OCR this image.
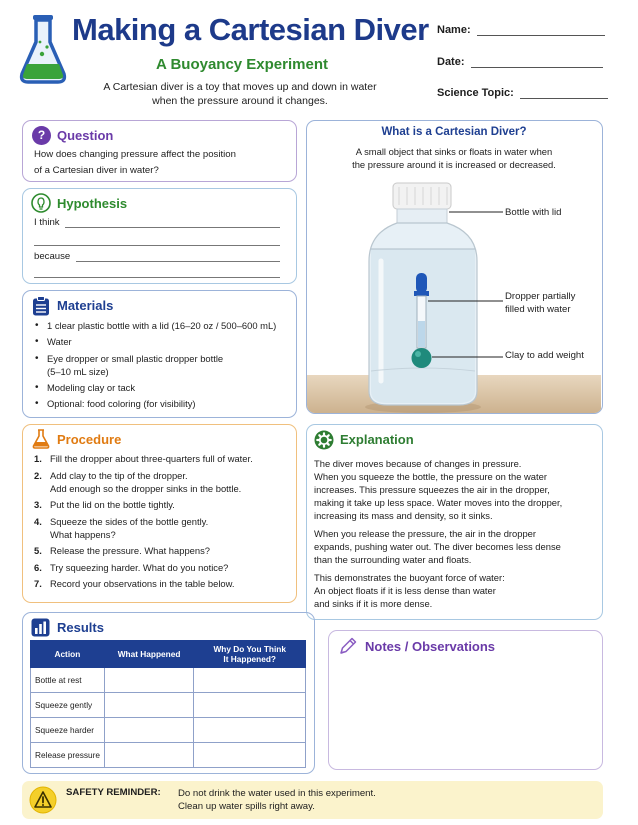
Making a Cartesian Diver
A Buoyancy Experiment
A Cartesian diver is a toy that moves up and down in water
when the pressure around it changes.
Name:
Date:
Science Topic:
? Question
How does changing pressure affect the position
of a Cartesian diver in water?
Hypothesis
I think
because
Materials
• 1 clear plastic bottle with a lid (16–20 oz / 500–600 mL)
• Water
• Eye dropper or small plastic dropper bottle
(5–10 mL size)
• Modeling clay or tack
• Optional: food coloring (for visibility)
What is a Cartesian Diver?
A small object that sinks or floats in water when
the pressure around it is increased or decreased.
Bottle with lid
Dropper partially
filled with water
Clay to add weight
Procedure
1. Fill the dropper about three-quarters full of water.
2. Add clay to the tip of the dropper.
Add enough so the dropper sinks in the bottle.
3. Put the lid on the bottle tightly.
4. Squeeze the sides of the bottle gently.
What happens?
5. Release the pressure. What happens?
6. Try squeezing harder. What do you notice?
7. Record your observations in the table below.
Explanation

The diver moves because of changes in pressure.
When you squeeze the bottle, the pressure on the water
increases. This pressure squeezes the air in the dropper,
making it take up less space. Water moves into the dropper,
increasing its mass and density, so it sinks.

When you release the pressure, the air in the dropper
expands, pushing water out. The diver becomes less dense
than the surrounding water and floats.

This demonstrates the buoyant force of water:
An object floats if it is less dense than water
and sinks if it is more dense.

Results
Action	What Happened	Why Do You Think
It Happened?
Bottle at rest		
Squeeze gently		
Squeeze harder		
Release pressure		
Notes / Observations
SAFETY REMINDER: Do not drink the water used in this experiment.
Clean up water spills right away.
